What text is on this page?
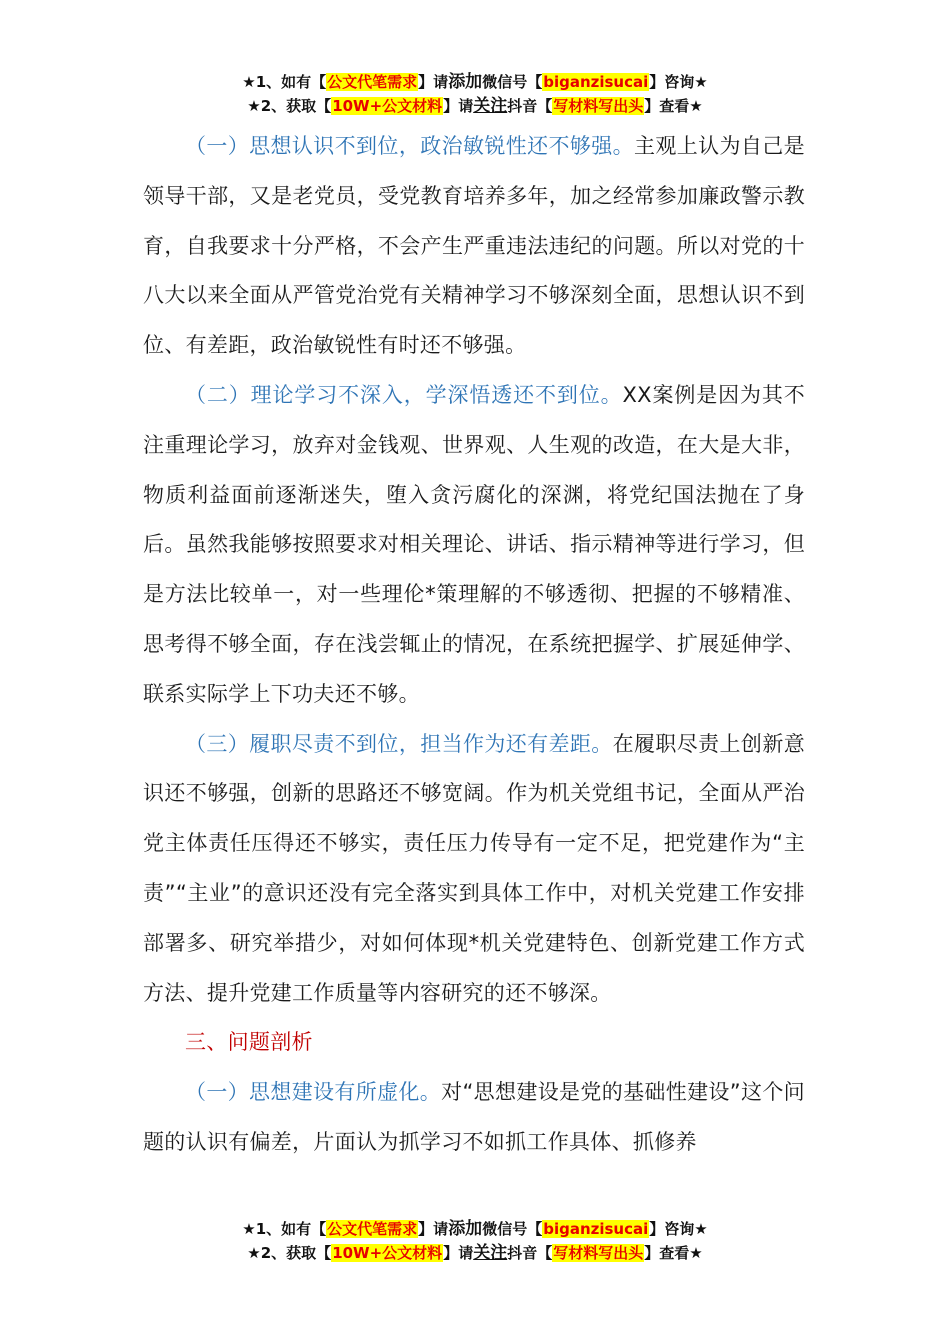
★1、如有【公文代笔需求】请添加微信号【biganzisucai】咨询★
★2、获取【10W+公文材料】请关注抖音【写材料写出头】查看★

（一）思想认识不到位，政治敏锐性还不够强。主观上认为自己是领导干部，又是老党员，受党教育培养多年，加之经常参加廉政警示教育，自我要求十分严格，不会产生严重违法违纪的问题。所以对党的十八大以来全面从严管党治党有关精神学习不够深刻全面，思想认识不到位、有差距，政治敏锐性有时还不够强。

（二）理论学习不深入，学深悟透还不到位。XX案例是因为其不注重理论学习，放弃对金钱观、世界观、人生观的改造，在大是大非，物质利益面前逐渐迷失，堕入贪污腐化的深渊，将党纪国法抛在了身后。虽然我能够按照要求对相关理论、讲话、指示精神等进行学习，但是方法比较单一，对一些理伦*策理解的不够透彻、把握的不够精准、思考得不够全面，存在浅尝辄止的情况，在系统把握学、扩展延伸学、联系实际学上下功夫还不够。

（三）履职尽责不到位，担当作为还有差距。在履职尽责上创新意识还不够强，创新的思路还不够宽阔。作为机关党组书记，全面从严治党主体责任压得还不够实，责任压力传导有一定不足，把党建作为“主责”“主业”的意识还没有完全落实到具体工作中，对机关党建工作安排部署多、研究举措少，对如何体现*机关党建特色、创新党建工作方式方法、提升党建工作质量等内容研究的还不够深。

三、问题剖析

（一）思想建设有所虚化。对“思想建设是党的基础性建设”这个问题的认识有偏差，片面认为抓学习不如抓工作具体、抓修养

★1、如有【公文代笔需求】请添加微信号【biganzisucai】咨询★
★2、获取【10W+公文材料】请关注抖音【写材料写出头】查看★
